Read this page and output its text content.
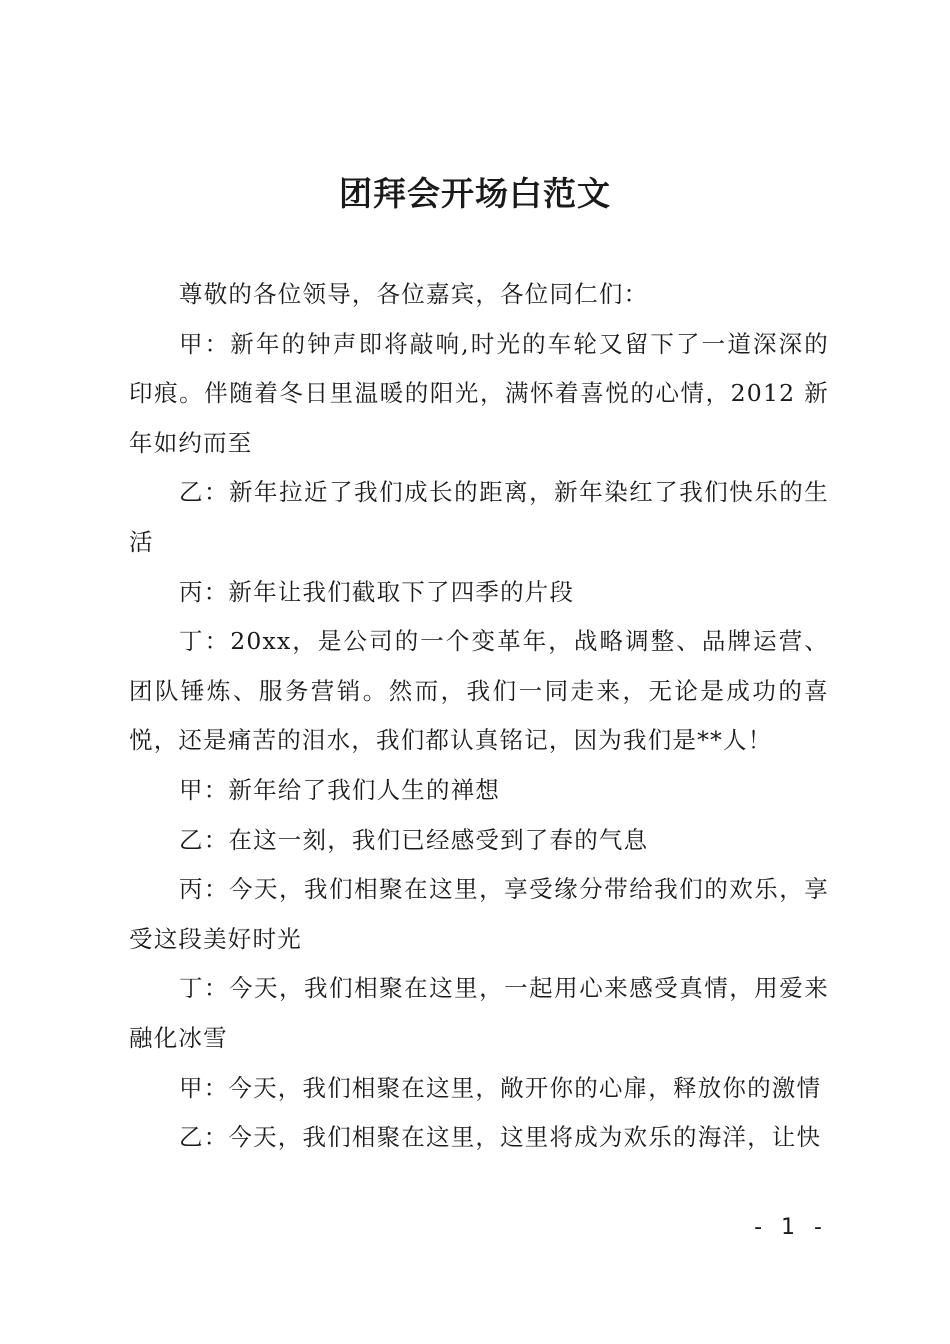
团拜会开场白范文

尊敬的各位领导，各位嘉宾，各位同仁们：

甲：新年的钟声即将敲响,时光的车轮又留下了一道深深的印痕。伴随着冬日里温暖的阳光，满怀着喜悦的心情，2012 新年如约而至

乙：新年拉近了我们成长的距离，新年染红了我们快乐的生活

丙：新年让我们截取下了四季的片段

丁：20xx，是公司的一个变革年，战略调整、品牌运营、团队锤炼、服务营销。然而，我们一同走来，无论是成功的喜悦，还是痛苦的泪水，我们都认真铭记，因为我们是**人！

甲：新年给了我们人生的禅想

乙：在这一刻，我们已经感受到了春的气息

丙：今天，我们相聚在这里，享受缘分带给我们的欢乐，享受这段美好时光

丁：今天，我们相聚在这里，一起用心来感受真情，用爱来融化冰雪

甲：今天，我们相聚在这里，敞开你的心扉，释放你的激情

乙：今天，我们相聚在这里，这里将成为欢乐的海洋，让快

- 1 -
